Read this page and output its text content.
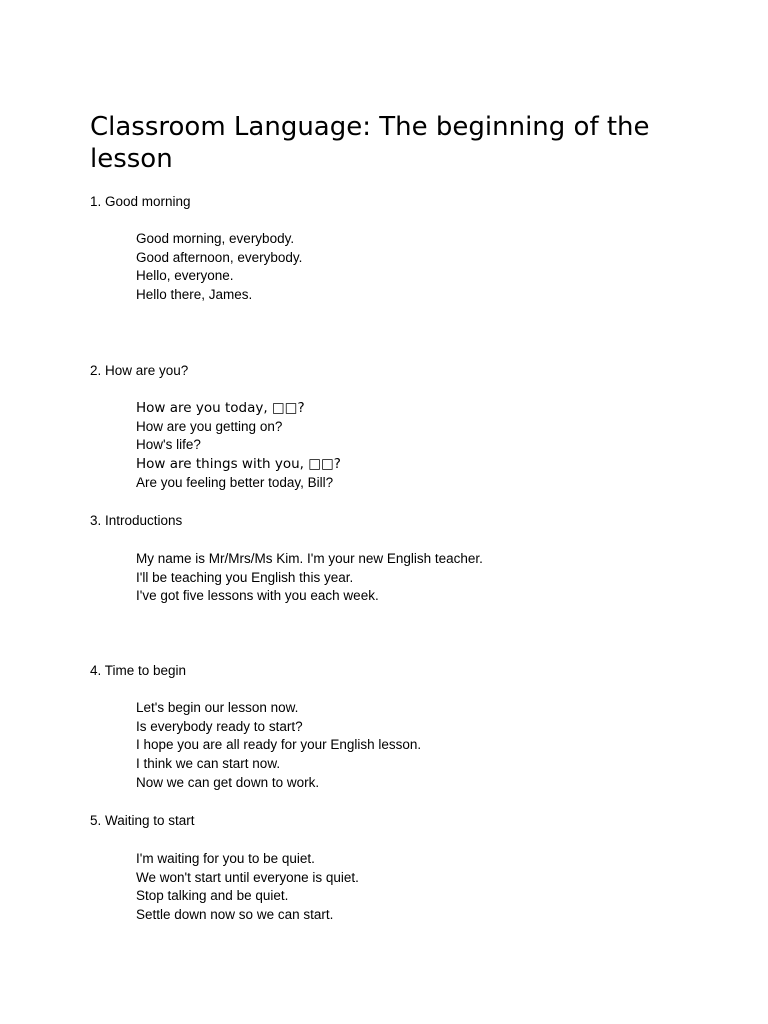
Classroom Language: The beginning of the lesson

1. Good morning

Good morning, everybody.
Good afternoon, everybody.
Hello, everyone.
Hello there, James.

2. How are you?

How are you today, □□?
How are you getting on?
How's life?
How are things with you, □□?
Are you feeling better today, Bill?

3. Introductions

My name is Mr/Mrs/Ms Kim. I'm your new English teacher.
I'll be teaching you English this year.
I've got five lessons with you each week.

4. Time to begin

Let's begin our lesson now.
Is everybody ready to start?
I hope you are all ready for your English lesson.
I think we can start now.
Now we can get down to work.

5. Waiting to start

I'm waiting for you to be quiet.
We won't start until everyone is quiet.
Stop talking and be quiet.
Settle down now so we can start.
